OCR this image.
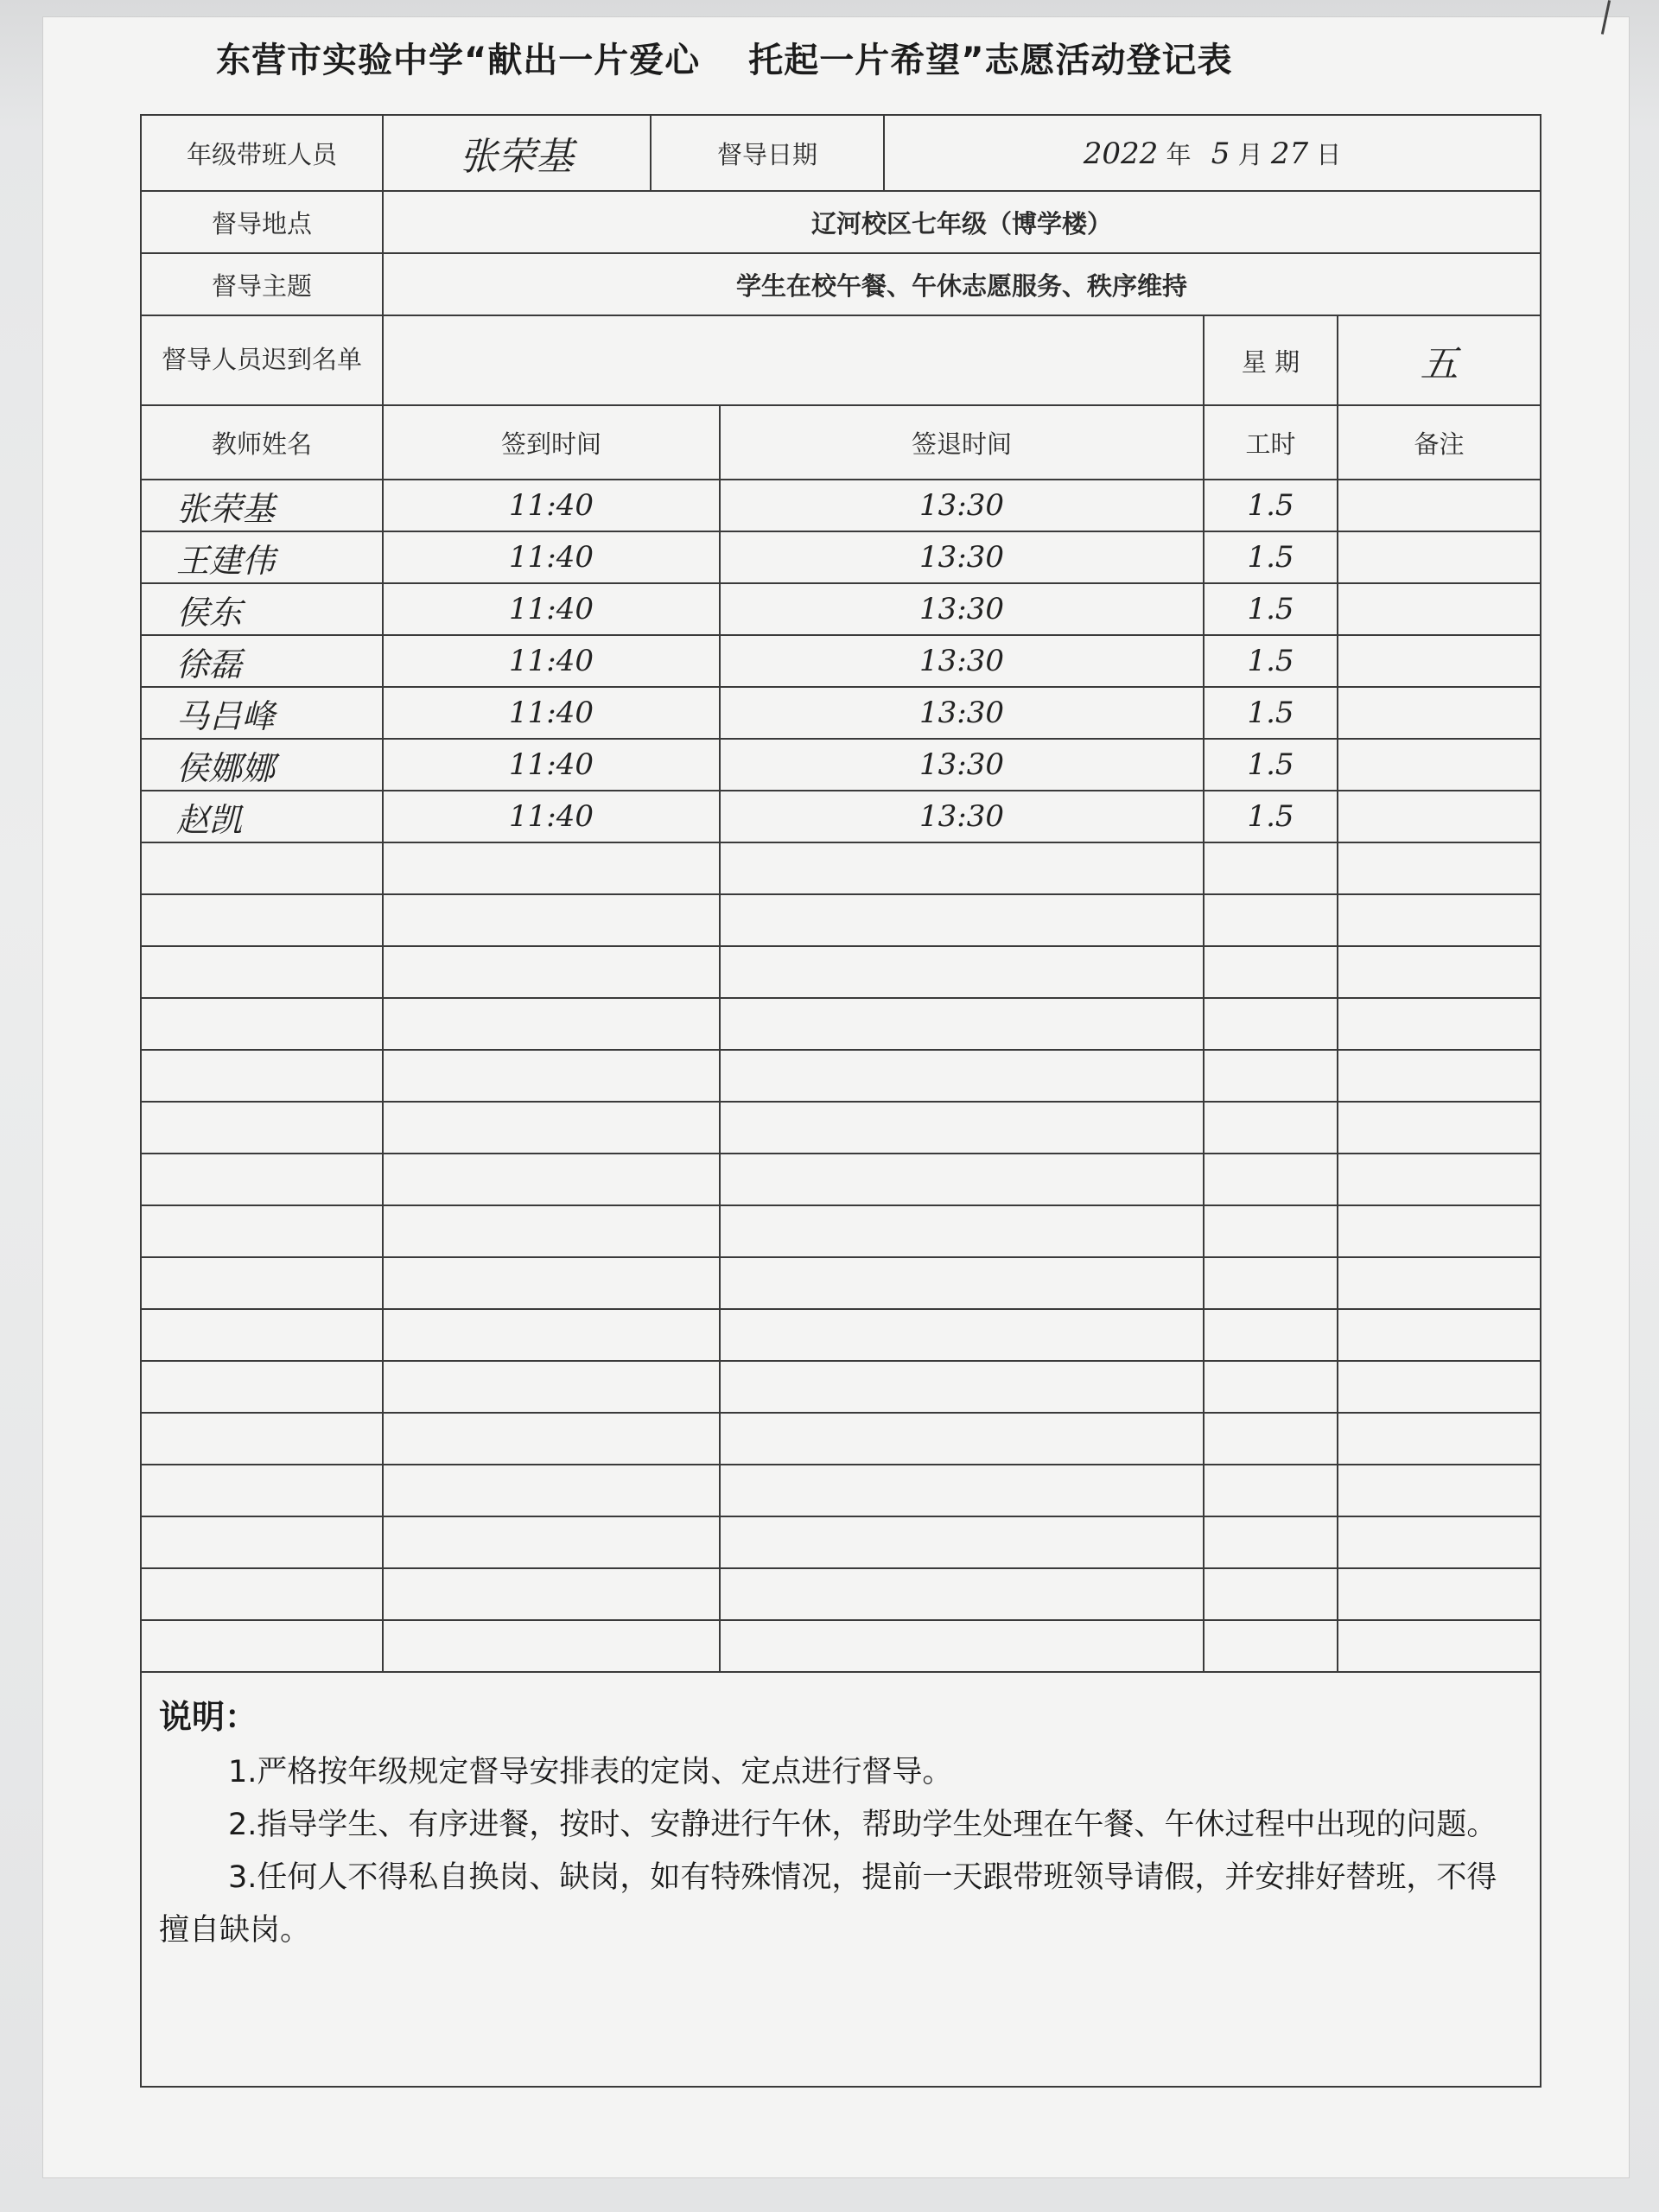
东营市实验中学“献出一片爱心　 托起一片希望”志愿活动登记表
年级带班人员	张荣基	督导日期		2022 年 5 月 27 日		
督导地点	辽河校区七年级（博学楼）					
督导主题	学生在校午餐、午休志愿服务、秩序维持					
督导人员迟到名单					星 期	五
教师姓名	签到时间		签退时间		工时	备注
张荣基	11:40		13:30		1.5	
王建伟	11:40		13:30		1.5	
侯东	11:40		13:30		1.5	
徐磊	11:40		13:30		1.5	
马吕峰	11:40		13:30		1.5	
侯娜娜	11:40		13:30		1.5	
赵凯	11:40		13:30		1.5	

说明：
1.严格按年级规定督导安排表的定岗、定点进行督导。
2.指导学生、有序进餐，按时、安静进行午休，帮助学生处理在午餐、午休过程中出现的问题。
3.任何人不得私自换岗、缺岗，如有特殊情况，提前一天跟带班领导请假，并安排好替班，不得擅自缺岗。						
